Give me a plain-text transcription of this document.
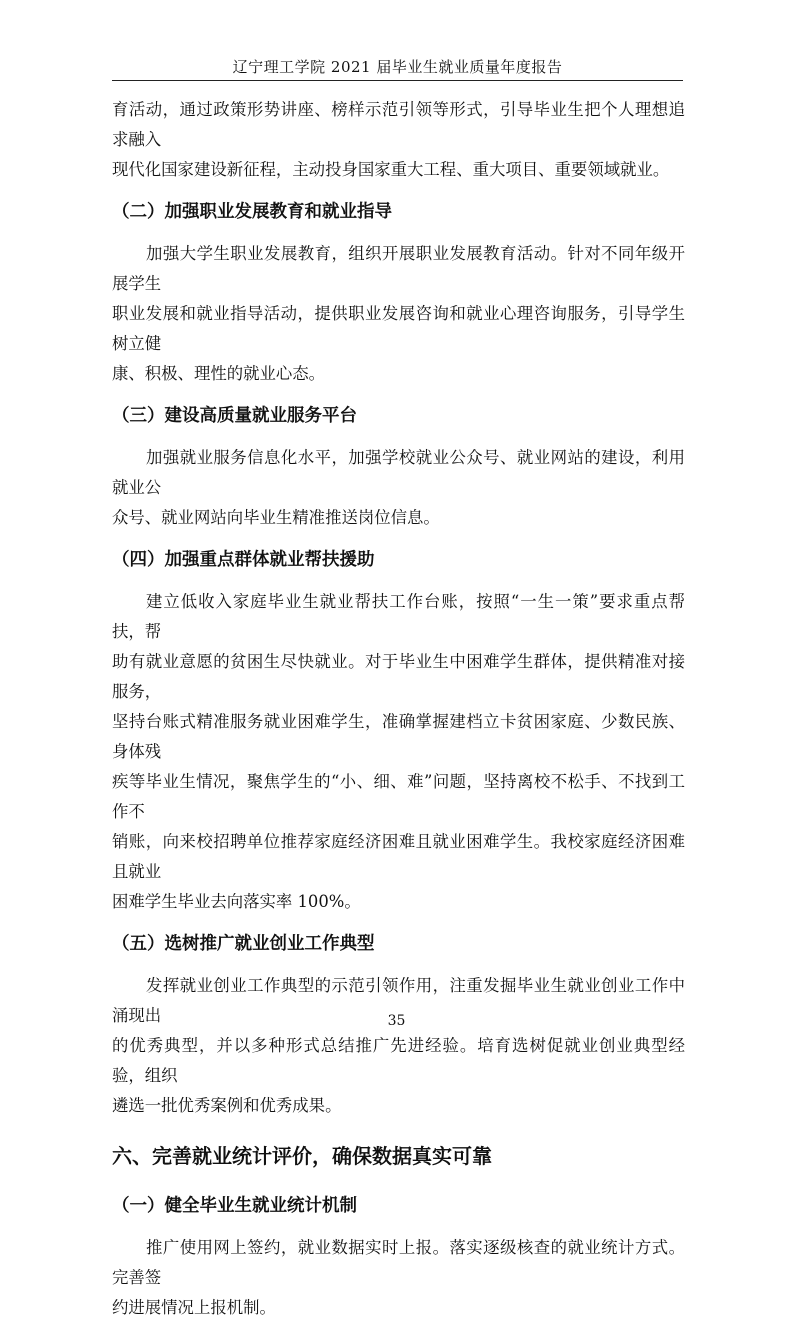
辽宁理工学院 2021 届毕业生就业质量年度报告

育活动，通过政策形势讲座、榜样示范引领等形式，引导毕业生把个人理想追求融入

现代化国家建设新征程，主动投身国家重大工程、重大项目、重要领域就业。

（二）加强职业发展教育和就业指导

加强大学生职业发展教育，组织开展职业发展教育活动。针对不同年级开展学生

职业发展和就业指导活动，提供职业发展咨询和就业心理咨询服务，引导学生树立健

康、积极、理性的就业心态。

（三）建设高质量就业服务平台

加强就业服务信息化水平，加强学校就业公众号、就业网站的建设，利用就业公

众号、就业网站向毕业生精准推送岗位信息。

（四）加强重点群体就业帮扶援助

建立低收入家庭毕业生就业帮扶工作台账，按照“一生一策”要求重点帮扶，帮

助有就业意愿的贫困生尽快就业。对于毕业生中困难学生群体，提供精准对接服务，

坚持台账式精准服务就业困难学生，准确掌握建档立卡贫困家庭、少数民族、身体残

疾等毕业生情况，聚焦学生的“小、细、难”问题，坚持离校不松手、不找到工作不

销账，向来校招聘单位推荐家庭经济困难且就业困难学生。我校家庭经济困难且就业

困难学生毕业去向落实率 100%。

（五）选树推广就业创业工作典型

发挥就业创业工作典型的示范引领作用，注重发掘毕业生就业创业工作中涌现出

的优秀典型，并以多种形式总结推广先进经验。培育选树促就业创业典型经验，组织

遴选一批优秀案例和优秀成果。

六、完善就业统计评价，确保数据真实可靠
（一）健全毕业生就业统计机制

推广使用网上签约，就业数据实时上报。落实逐级核查的就业统计方式。完善签

约进展情况上报机制。

35
